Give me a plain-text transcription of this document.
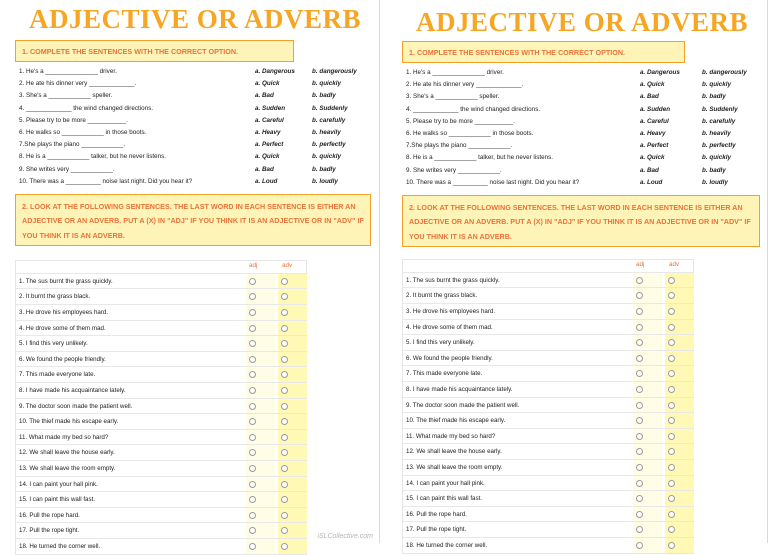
ADJECTIVE OR ADVERB
1. COMPLETE THE SENTENCES WITH THE CORRECT OPTION.
1. He's a _______________ driver.	a. Dangerous	b. dangerously
2. He ate his dinner very _____________.	a. Quick	b. quickly
3. She's a ____________ speller.	a. Bad	b. badly
4. _____________ the wind changed directions.	a. Sudden	b. Suddenly
5. Please try to be more ___________.	a. Careful	b. carefully
6. He walks so ____________ in those boots.	a. Heavy	b. heavily
7.She plays the piano ____________.	a. Perfect	b. perfectly
8. He is a ____________ talker, but he never listens.	a. Quick	b. quickly
9. She writes very ____________.	a. Bad	b. badly
10. There was a __________ noise last night. Did you hear it?	a. Loud	b. loudly
2. LOOK AT THE FOLLOWING SENTENCES. THE LAST WORD IN EACH SENTENCE IS EITHER AN ADJECTIVE OR AN ADVERB. PUT A (X) IN "ADJ" IF YOU THINK IT IS AN ADJECTIVE OR IN "ADV" IF YOU THINK IT IS AN ADVERB.
adj	adv
1. The sus burnt the grass quickly.
2. It burnt the grass black.
3. He drove his employees hard.
4. He drove some of them mad.
5. I find this very unlikely.
6. We found the people friendly.
7. This made everyone late.
8. I have made his acquaintance lately.
9. The doctor soon made the patient well.
10. The thief made his escape early.
11. What made my bed so hard?
12. We shall leave the house early.
13. We shall leave the room empty.
14. I can paint your hall pink.
15. I can paint this wall fast.
16. Pull the rope hard.
17. Pull the rope tight.
18. He turned the corner well.
iSLCollective.com
ADJECTIVE OR ADVERB
1. COMPLETE THE SENTENCES WITH THE CORRECT OPTION.
1. He's a _______________ driver.	a. Dangerous	b. dangerously
2. He ate his dinner very _____________.	a. Quick	b. quickly
3. She's a ____________ speller.	a. Bad	b. badly
4. _____________ the wind changed directions.	a. Sudden	b. Suddenly
5. Please try to be more ___________.	a. Careful	b. carefully
6. He walks so ____________ in those boots.	a. Heavy	b. heavily
7.She plays the piano ____________.	a. Perfect	b. perfectly
8. He is a ____________ talker, but he never listens.	a. Quick	b. quickly
9. She writes very ____________.	a. Bad	b. badly
10. There was a __________ noise last night. Did you hear it?	a. Loud	b. loudly
2. LOOK AT THE FOLLOWING SENTENCES. THE LAST WORD IN EACH SENTENCE IS EITHER AN ADJECTIVE OR AN ADVERB. PUT A (X) IN "ADJ" IF YOU THINK IT IS AN ADJECTIVE OR IN "ADV" IF YOU THINK IT IS AN ADVERB.
adj	adv
1. The sus burnt the grass quickly.
2. It burnt the grass black.
3. He drove his employees hard.
4. He drove some of them mad.
5. I find this very unlikely.
6. We found the people friendly.
7. This made everyone late.
8. I have made his acquaintance lately.
9. The doctor soon made the patient well.
10. The thief made his escape early.
11. What made my bed so hard?
12. We shall leave the house early.
13. We shall leave the room empty.
14. I can paint your hall pink.
15. I can paint this wall fast.
16. Pull the rope hard.
17. Pull the rope tight.
18. He turned the corner well.
